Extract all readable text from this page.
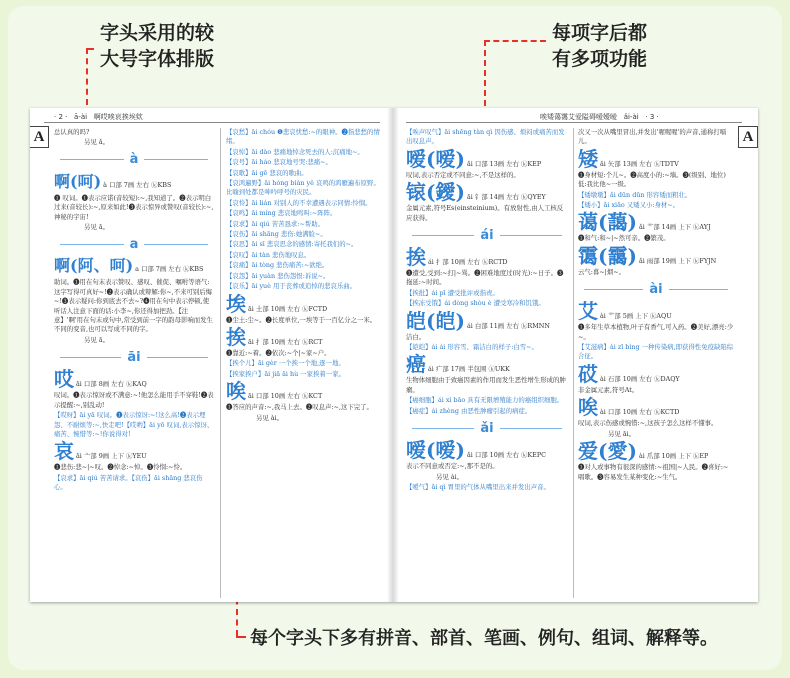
字头采用的较
大号字体排版
每项字后都
有多项功能
每个字头下多有拼音、部首、笔画、例句、组词、解释等。
· 2 · ā-ài 啊哎唉哀挨埃欸
A	总认真的吗?

另见 ǎ。

à

啊(呵) à 口部 7画 左右 ⓚKBS

❶ 叹词。❶表示应诺(音较短):~,我知道了。❷表示明白过来(音较长):~,原来如此!❸表示惊异或赞叹(音较长):~,神秘的宇宙!

另见 ā。

a

啊(阿、呵) a 口部 7画 左右 ⓚKBS

助词。❶用在句末表示赞叹、感叹、催促、嘱咐等语气:这字写得可真好~!❷表示确认或辩解:你~,不来可别后悔~!❸表示疑问:你到底去不去~?❹用在句中表示停顿,使听话人注意下面的话:小李~,你还得加把劲。【注意】'啊'用在句末或句中,常受到前一字的韵母影响而发生不同的变音,也可以写成不同的字。

另见 ā。

āi

哎āi 口部 8画 左右 ⓚKAQ

叹词。❶表示惊讶或不满意:~!他怎么能用手不穿鞋!❷表示提醒:~,别乱动!

【哎呀】āi yā 叹词。❶表示惊讶:~!这么高!❷表示埋怨、不耐烦等:~,快走吧!【哎哟】āi yō 叹词,表示惊讶、痛苦、惋惜等:~!你说得对!

哀āi 亠部 9画 上下 ⓚYEU

❶悲伤:悲~|~叹。❷悼念:~悼。❸怜悯:~怜。

【哀求】āi qiú 苦苦请求。【哀伤】āi shāng 悲哀伤心。

【哀愁】āi chóu ❶悲哀忧愁:~的眼神。❷指悲愁的情绪。

【哀悼】āi dào 悲痛地悼念死去的人:沉痛地~。

【哀号】āi háo 悲哀地号哭:悲痛~。

【哀歌】āi gē 悲哀的歌曲。

【哀鸿遍野】āi hóng biàn yě 哀鸣的鸿雁遍布原野。比喻到处都是呻吟呼号的灾民。

【哀怜】āi lián 对别人的不幸遭遇表示同情:怜悯。

【哀鸣】āi míng 悲哀地鸣叫:~阵阵。

【哀求】āi qiú 苦苦恳求:~帮助。

【哀伤】āi shāng 悲伤:她满脸~。

【哀思】āi sī 悲哀思念的感情:寄托我们的~。

【哀叹】āi tàn 悲伤地叹息。

【哀痛】āi tòng 悲伤痛苦:~欲绝。

【哀怨】āi yuàn 悲伤怨恨:诉说~。

【哀乐】āi yuè 用于丧葬或追悼的悲哀乐曲。

埃āi 土部 10画 左右 ⓚFCTD

❶尘土:尘~。❷长度单位,一埃等于一百亿分之一米。

挨āi 扌部 10画 左右 ⓚRCT

❶靠近:~着。❷依次:~个|~家~户。

【挨个儿】āi gèr 一个挨一个地,逐一地。

【挨家挨户】āi jiā āi hù 一家挨着一家。

唉āi 口部 10画 左右 ⓚKCT

❶答应的声音:~,我马上去。❷叹息声:~,这下完了。

另见 ài。

唉矮蔼霭艾爱隘碍嗳嫒暧 ǎi-ài · 3 ·
A

【唉声叹气】āi shēng tàn qì 因伤感、烦闷或痛苦而发出叹息声。

嗳(嗳) ǎi 口部 13画 左右 ⓚKEP

叹词,表示否定或不同意:~,不是这样的。

锿(鑀) āi 钅部 14画 左右 ⓚQYEY

金属元素,符号Es(einsteinium)。有放射性,由人工核反应获得。

ái

挨ái 扌部 10画 左右 ⓚRCTD

❶遭受,受到:~打|~骂。❷困难地度过(时光):~日子。❸拖延:~时间。

【挨批】ái pī 遭受批评或指责。

【挨冻受饿】ái dòng shòu è 遭受寒冷和饥饿。

皑(皑) ái 白部 11画 左右 ⓚRMNN

洁白。

【皑皑】ái ái 形容雪、霜洁白的样子:白雪~。

癌ái 疒部 17画 半包围 ⓚUKK

生物体细胞由于致癌因素的作用而发生恶性增生形成的肿瘤。

【癌细胞】ái xì bāo 具有无限增殖能力的癌组织细胞。

【癌症】ái zhèng 由恶性肿瘤引起的病症。

ǎi

嗳(嗳) ǎi 口部 10画 左右 ⓚKEPC

表示不同意或否定:~,那不是的。

另见 ài。

【嗳气】ǎi qì 胃里的气体从嘴里出来并发出声音。

次又一次从嘴里冒出,并发出'喔喔喔'的声音,通称打嗝儿。

矮ǎi 矢部 13画 左右 ⓚTDTV

❶身材短:个儿~。❷高度小的:~墙。❸(级别、地位)低:我比他~一级。

【矮墩墩】ǎi dūn dūn 形容矮而粗壮。

【矮小】ǎi xiǎo 又矮又小:身材~。

蔼(藹) ǎi 艹部 14画 上下 ⓚAYJ

❶和气:和~|~然可亲。❷繁茂。

霭(靄) ǎi 雨部 19画 上下 ⓚFYJN

云气:暮~|烟~。

ài

艾ài 艹部 5画 上下 ⓚAQU

❶多年生草本植物,叶子有香气,可入药。❷美好,漂亮:少~。

【艾滋病】ài zī bìng 一种传染病,即获得性免疫缺陷综合征。

砹ài 石部 10画 左右 ⓚDAQY

非金属元素,符号At。

唉ài 口部 10画 左右 ⓚKCTD

叹词,表示伤感或惋惜:~,这孩子怎么这样不懂事。

另见 āi。

爱(愛) ài 爪部 10画 上下 ⓚEP

❶对人或事物有很深的感情:~祖国|~人民。❷喜好:~唱歌。❸容易发生某种变化:~生气。
